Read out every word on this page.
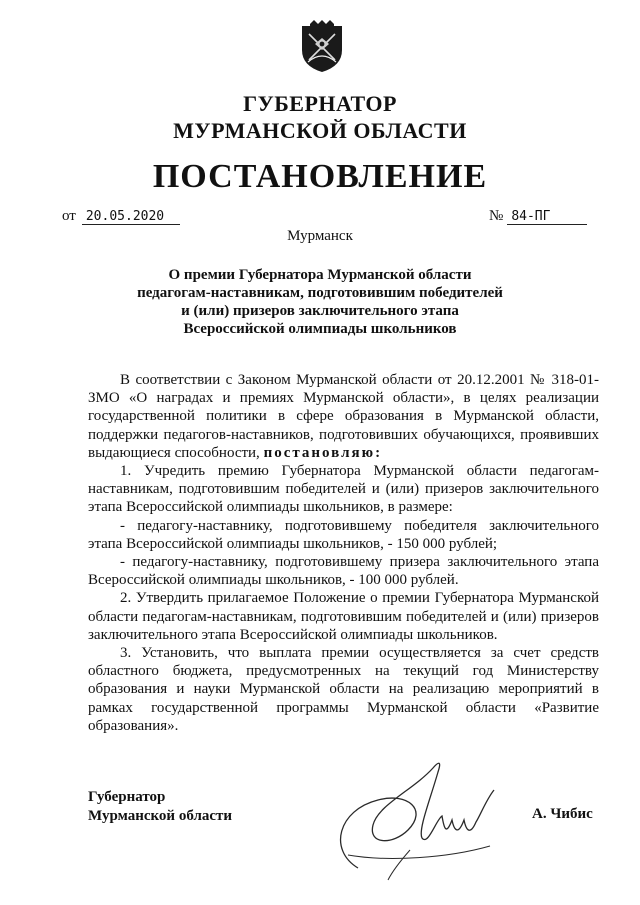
ГУБЕРНАТОР
МУРМАНСКОЙ ОБЛАСТИ
ПОСТАНОВЛЕНИЕ
от 20.05.2020	№ 84-ПГ
Мурманск
О премии Губернатора Мурманской области
педагогам-наставникам, подготовившим победителей
и (или) призеров заключительного этапа
Всероссийской олимпиады школьников

В соответствии с Законом Мурманской области от 20.12.2001 № 318-01-ЗМО «О наградах и премиях Мурманской области», в целях реализации государственной политики в сфере образования в Мурманской области, поддержки педагогов-наставников, подготовивших обучающихся, проявивших выдающиеся способности, постановляю:

1. Учредить премию Губернатора Мурманской области педагогам-наставникам, подготовившим победителей и (или) призеров заключительного этапа Всероссийской олимпиады школьников, в размере:

- педагогу-наставнику, подготовившему победителя заключительного этапа Всероссийской олимпиады школьников, - 150 000 рублей;

- педагогу-наставнику, подготовившему призера заключительного этапа Всероссийской олимпиады школьников, - 100 000 рублей.

2. Утвердить прилагаемое Положение о премии Губернатора Мурманской области педагогам-наставникам, подготовившим победителей и (или) призеров заключительного этапа Всероссийской олимпиады школьников.

3. Установить, что выплата премии осуществляется за счет средств областного бюджета, предусмотренных на текущий год Министерству образования и науки Мурманской области на реализацию мероприятий в рамках государственной программы Мурманской области «Развитие образования».

Губернатор
Мурманской области	А. Чибис
